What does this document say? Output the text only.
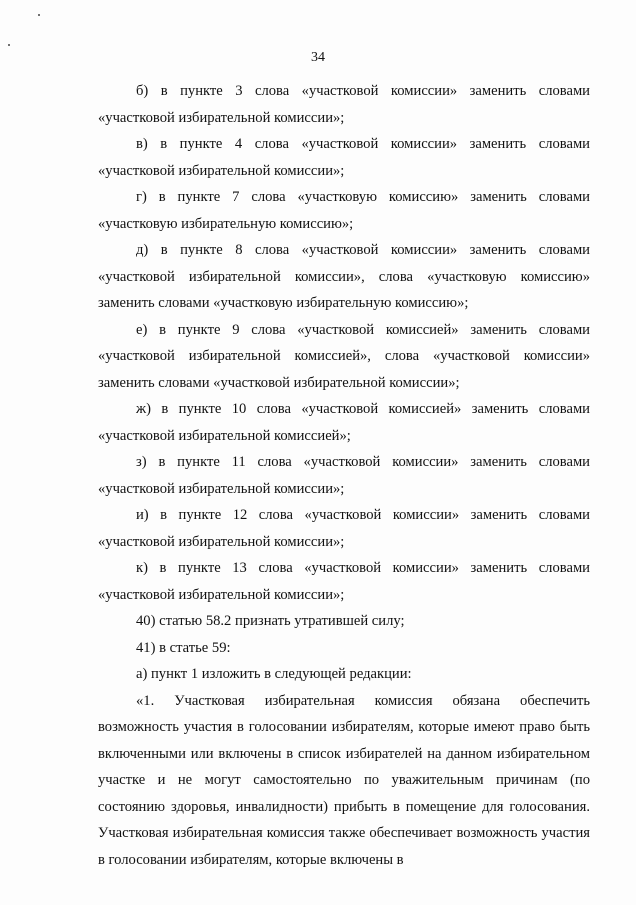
34

б) в пункте 3 слова «участковой комиссии» заменить словами «участковой избирательной комиссии»;

в) в пункте 4 слова «участковой комиссии» заменить словами «участковой избирательной комиссии»;

г) в пункте 7 слова «участковую комиссию» заменить словами «участковую избирательную комиссию»;

д) в пункте 8 слова «участковой комиссии» заменить словами «участковой избирательной комиссии», слова «участковую комиссию» заменить словами «участковую избирательную комиссию»;

е) в пункте 9 слова «участковой комиссией» заменить словами «участковой избирательной комиссией», слова «участковой комиссии» заменить словами «участковой избирательной комиссии»;

ж) в пункте 10 слова «участковой комиссией» заменить словами «участковой избирательной комиссией»;

з) в пункте 11 слова «участковой комиссии» заменить словами «участковой избирательной комиссии»;

и) в пункте 12 слова «участковой комиссии» заменить словами «участковой избирательной комиссии»;

к) в пункте 13 слова «участковой комиссии» заменить словами «участковой избирательной комиссии»;

40) статью 58.2 признать утратившей силу;

41) в статье 59:

а) пункт 1 изложить в следующей редакции:

«1. Участковая избирательная комиссия обязана обеспечить возможность участия в голосовании избирателям, которые имеют право быть включенными или включены в список избирателей на данном избирательном участке и не могут самостоятельно по уважительным причинам (по состоянию здоровья, инвалидности) прибыть в помещение для голосования. Участковая избирательная комиссия также обеспечивает возможность участия в голосовании избирателям, которые включены в
